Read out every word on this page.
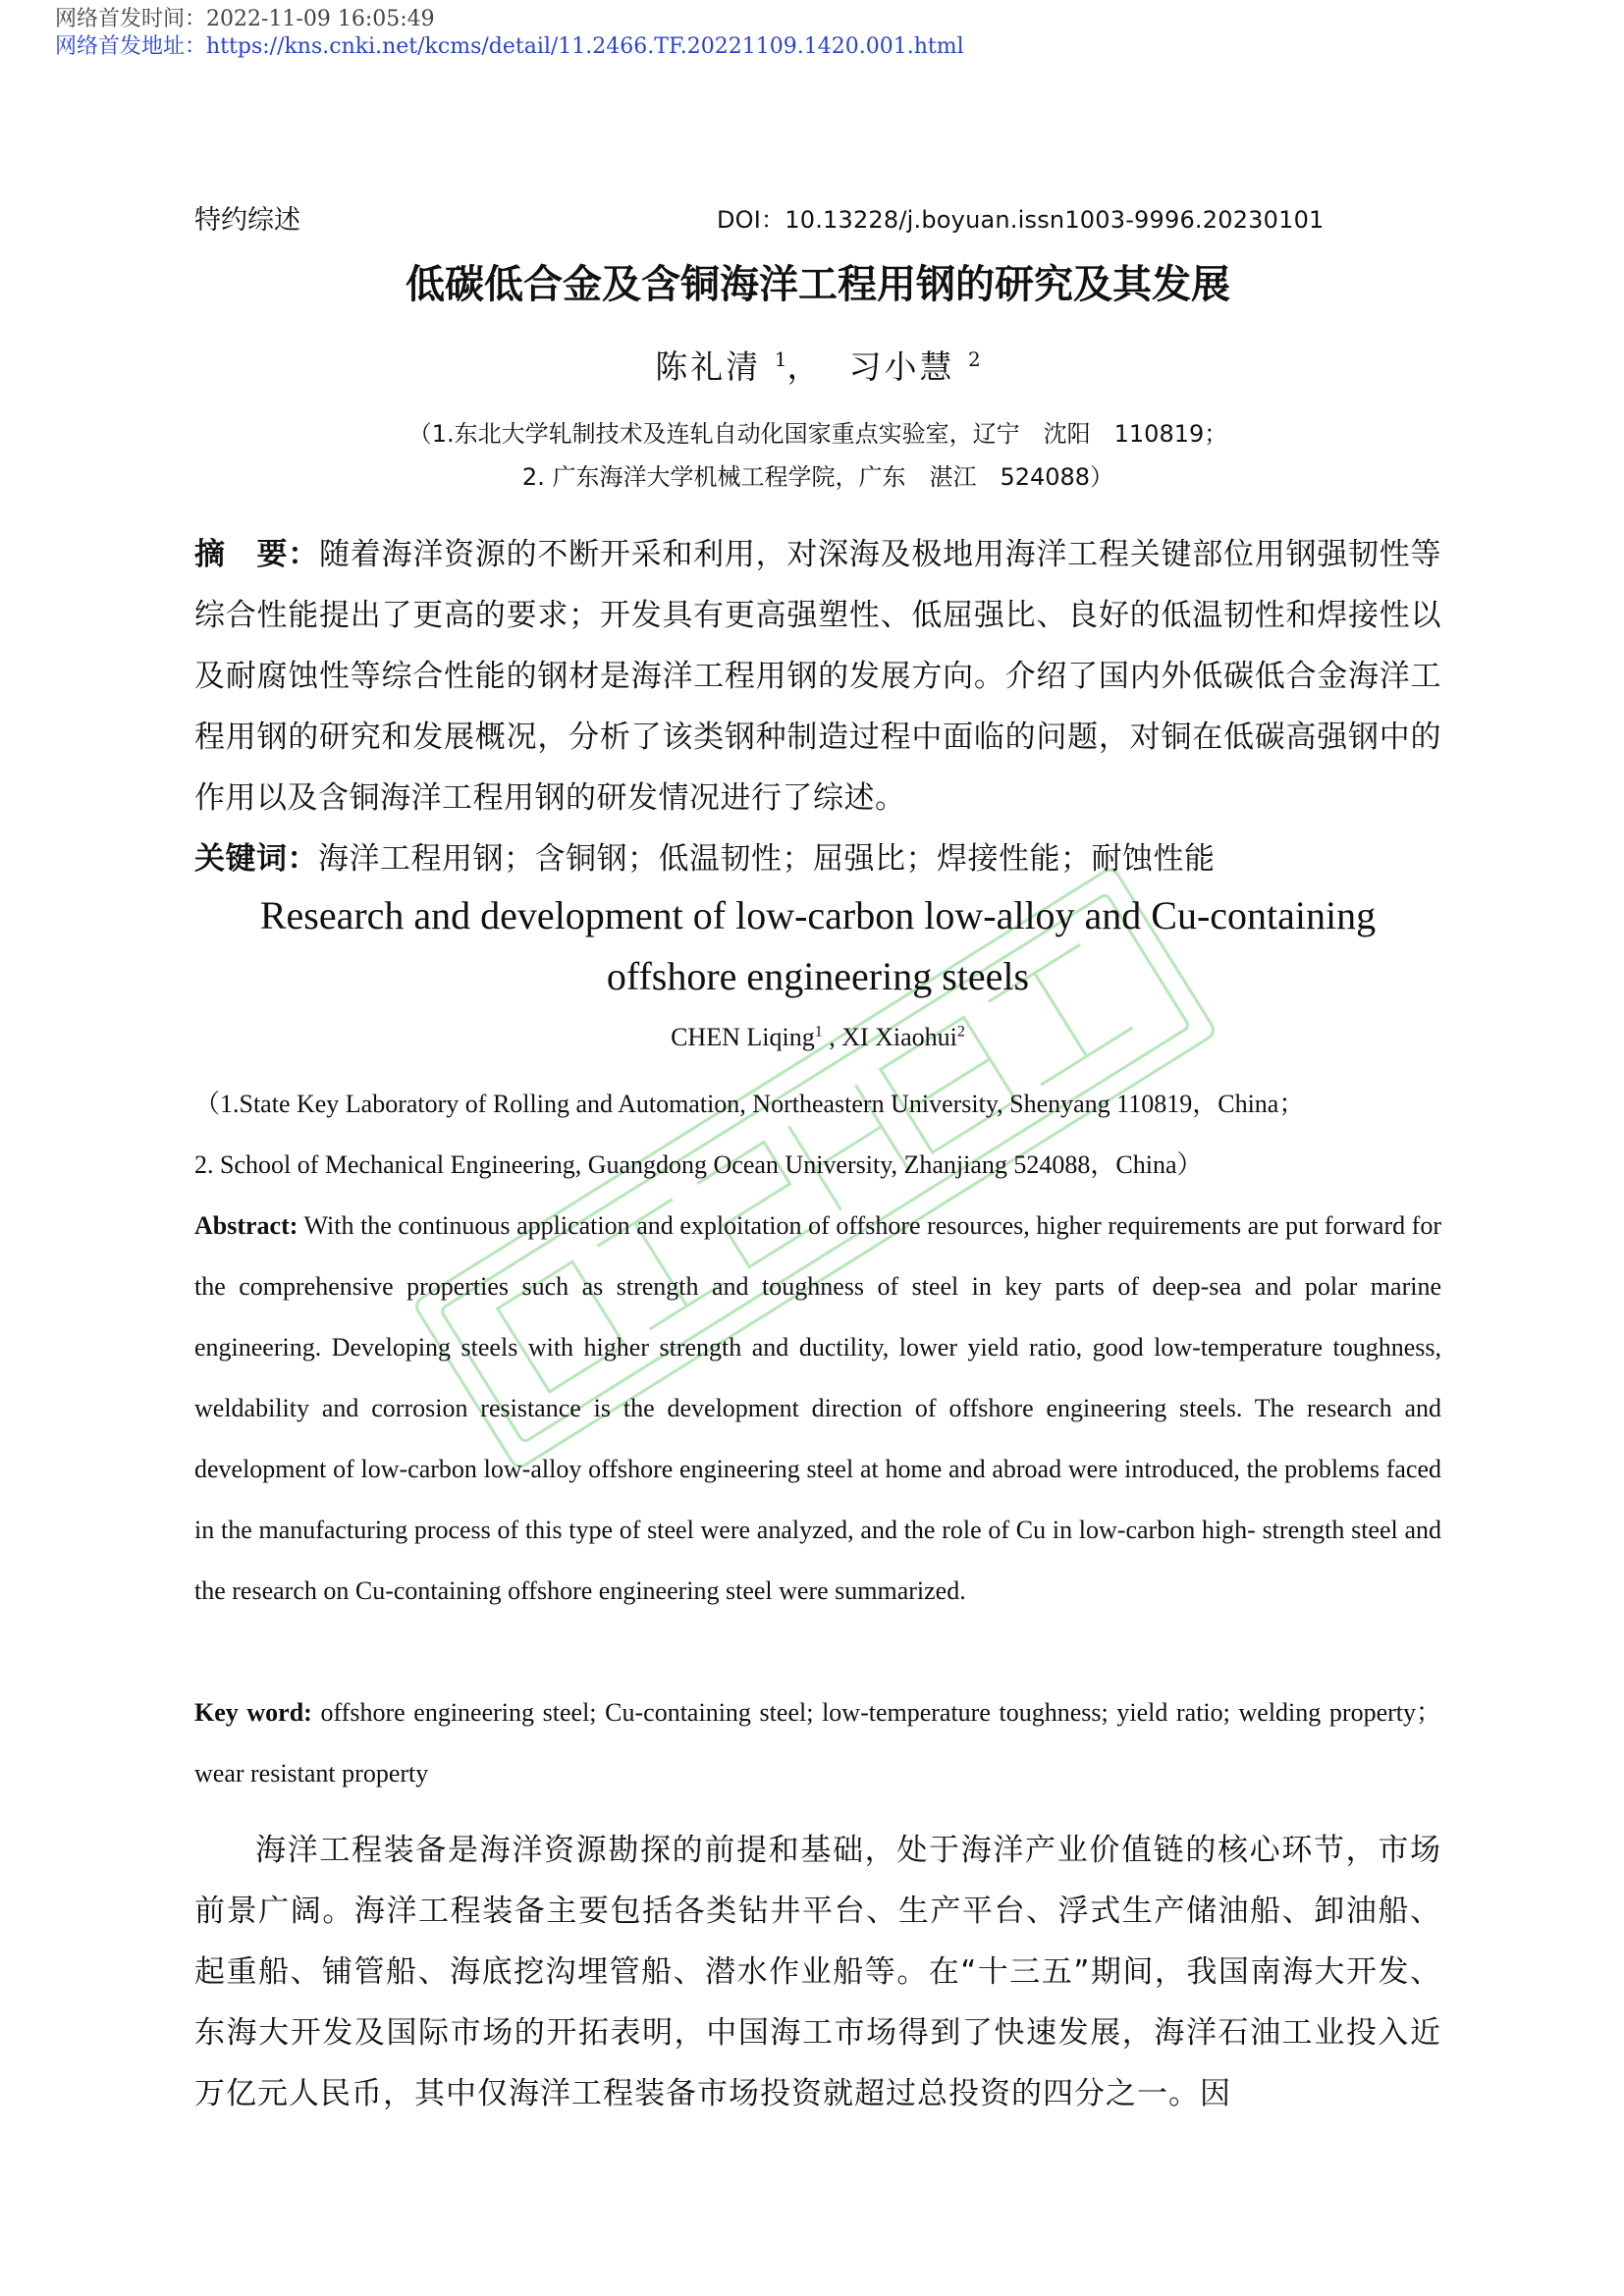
网络首发时间：2022-11-09 16:05:49
网络首发地址：https://kns.cnki.net/kcms/detail/11.2466.TF.20221109.1420.001.html
特约综述	DOI：10.13228/j.boyuan.issn1003-9996.20230101
低碳低合金及含铜海洋工程用钢的研究及其发展
陈礼清 $^1$， 习小慧 $^2$
（1.东北大学轧制技术及连轧自动化国家重点实验室，辽宁　沈阳　110819；
2. 广东海洋大学机械工程学院，广东　湛江　524088）
摘　要：随着海洋资源的不断开采和利用，对深海及极地用海洋工程关键部位用钢强韧性等综合性能提出了更高的要求；开发具有更高强塑性、低屈强比、良好的低温韧性和焊接性以及耐腐蚀性等综合性能的钢材是海洋工程用钢的发展方向。介绍了国内外低碳低合金海洋工程用钢的研究和发展概况，分析了该类钢种制造过程中面临的问题，对铜在低碳高强钢中的作用以及含铜海洋工程用钢的研发情况进行了综述。
关键词：海洋工程用钢；含铜钢；低温韧性；屈强比；焊接性能；耐蚀性能
Research and development of low-carbon low-alloy and Cu-containing
offshore engineering steels
CHEN Liqing$^1$ , XI Xiaohui$^2$
（1.State Key Laboratory of Rolling and Automation, Northeastern University, Shenyang 110819，China；
2. School of Mechanical Engineering, Guangdong Ocean University, Zhanjiang 524088，China）
Abstract: With the continuous application and exploitation of offshore resources, higher requirements are put forward for the comprehensive properties such as strength and toughness of steel in key parts of deep-sea and polar marine engineering. Developing steels with higher strength and ductility, lower yield ratio, good low-temperature toughness, weldability and corrosion resistance is the development direction of offshore engineering steels. The research and development of low-carbon low-alloy offshore engineering steel at home and abroad were introduced, the problems faced in the manufacturing process of this type of steel were analyzed, and the role of Cu in low-carbon high- strength steel and the research on Cu-containing offshore engineering steel were summarized.
Key word: offshore engineering steel; Cu-containing steel; low-temperature toughness; yield ratio; welding property；wear resistant property

海洋工程装备是海洋资源勘探的前提和基础，处于海洋产业价值链的核心环节，市场前景广阔。海洋工程装备主要包括各类钻井平台、生产平台、浮式生产储油船、卸油船、起重船、铺管船、海底挖沟埋管船、潜水作业船等。在“十三五”期间，我国南海大开发、东海大开发及国际市场的开拓表明，中国海工市场得到了快速发展，海洋石油工业投入近万亿元人民币，其中仅海洋工程装备市场投资就超过总投资的四分之一。因
